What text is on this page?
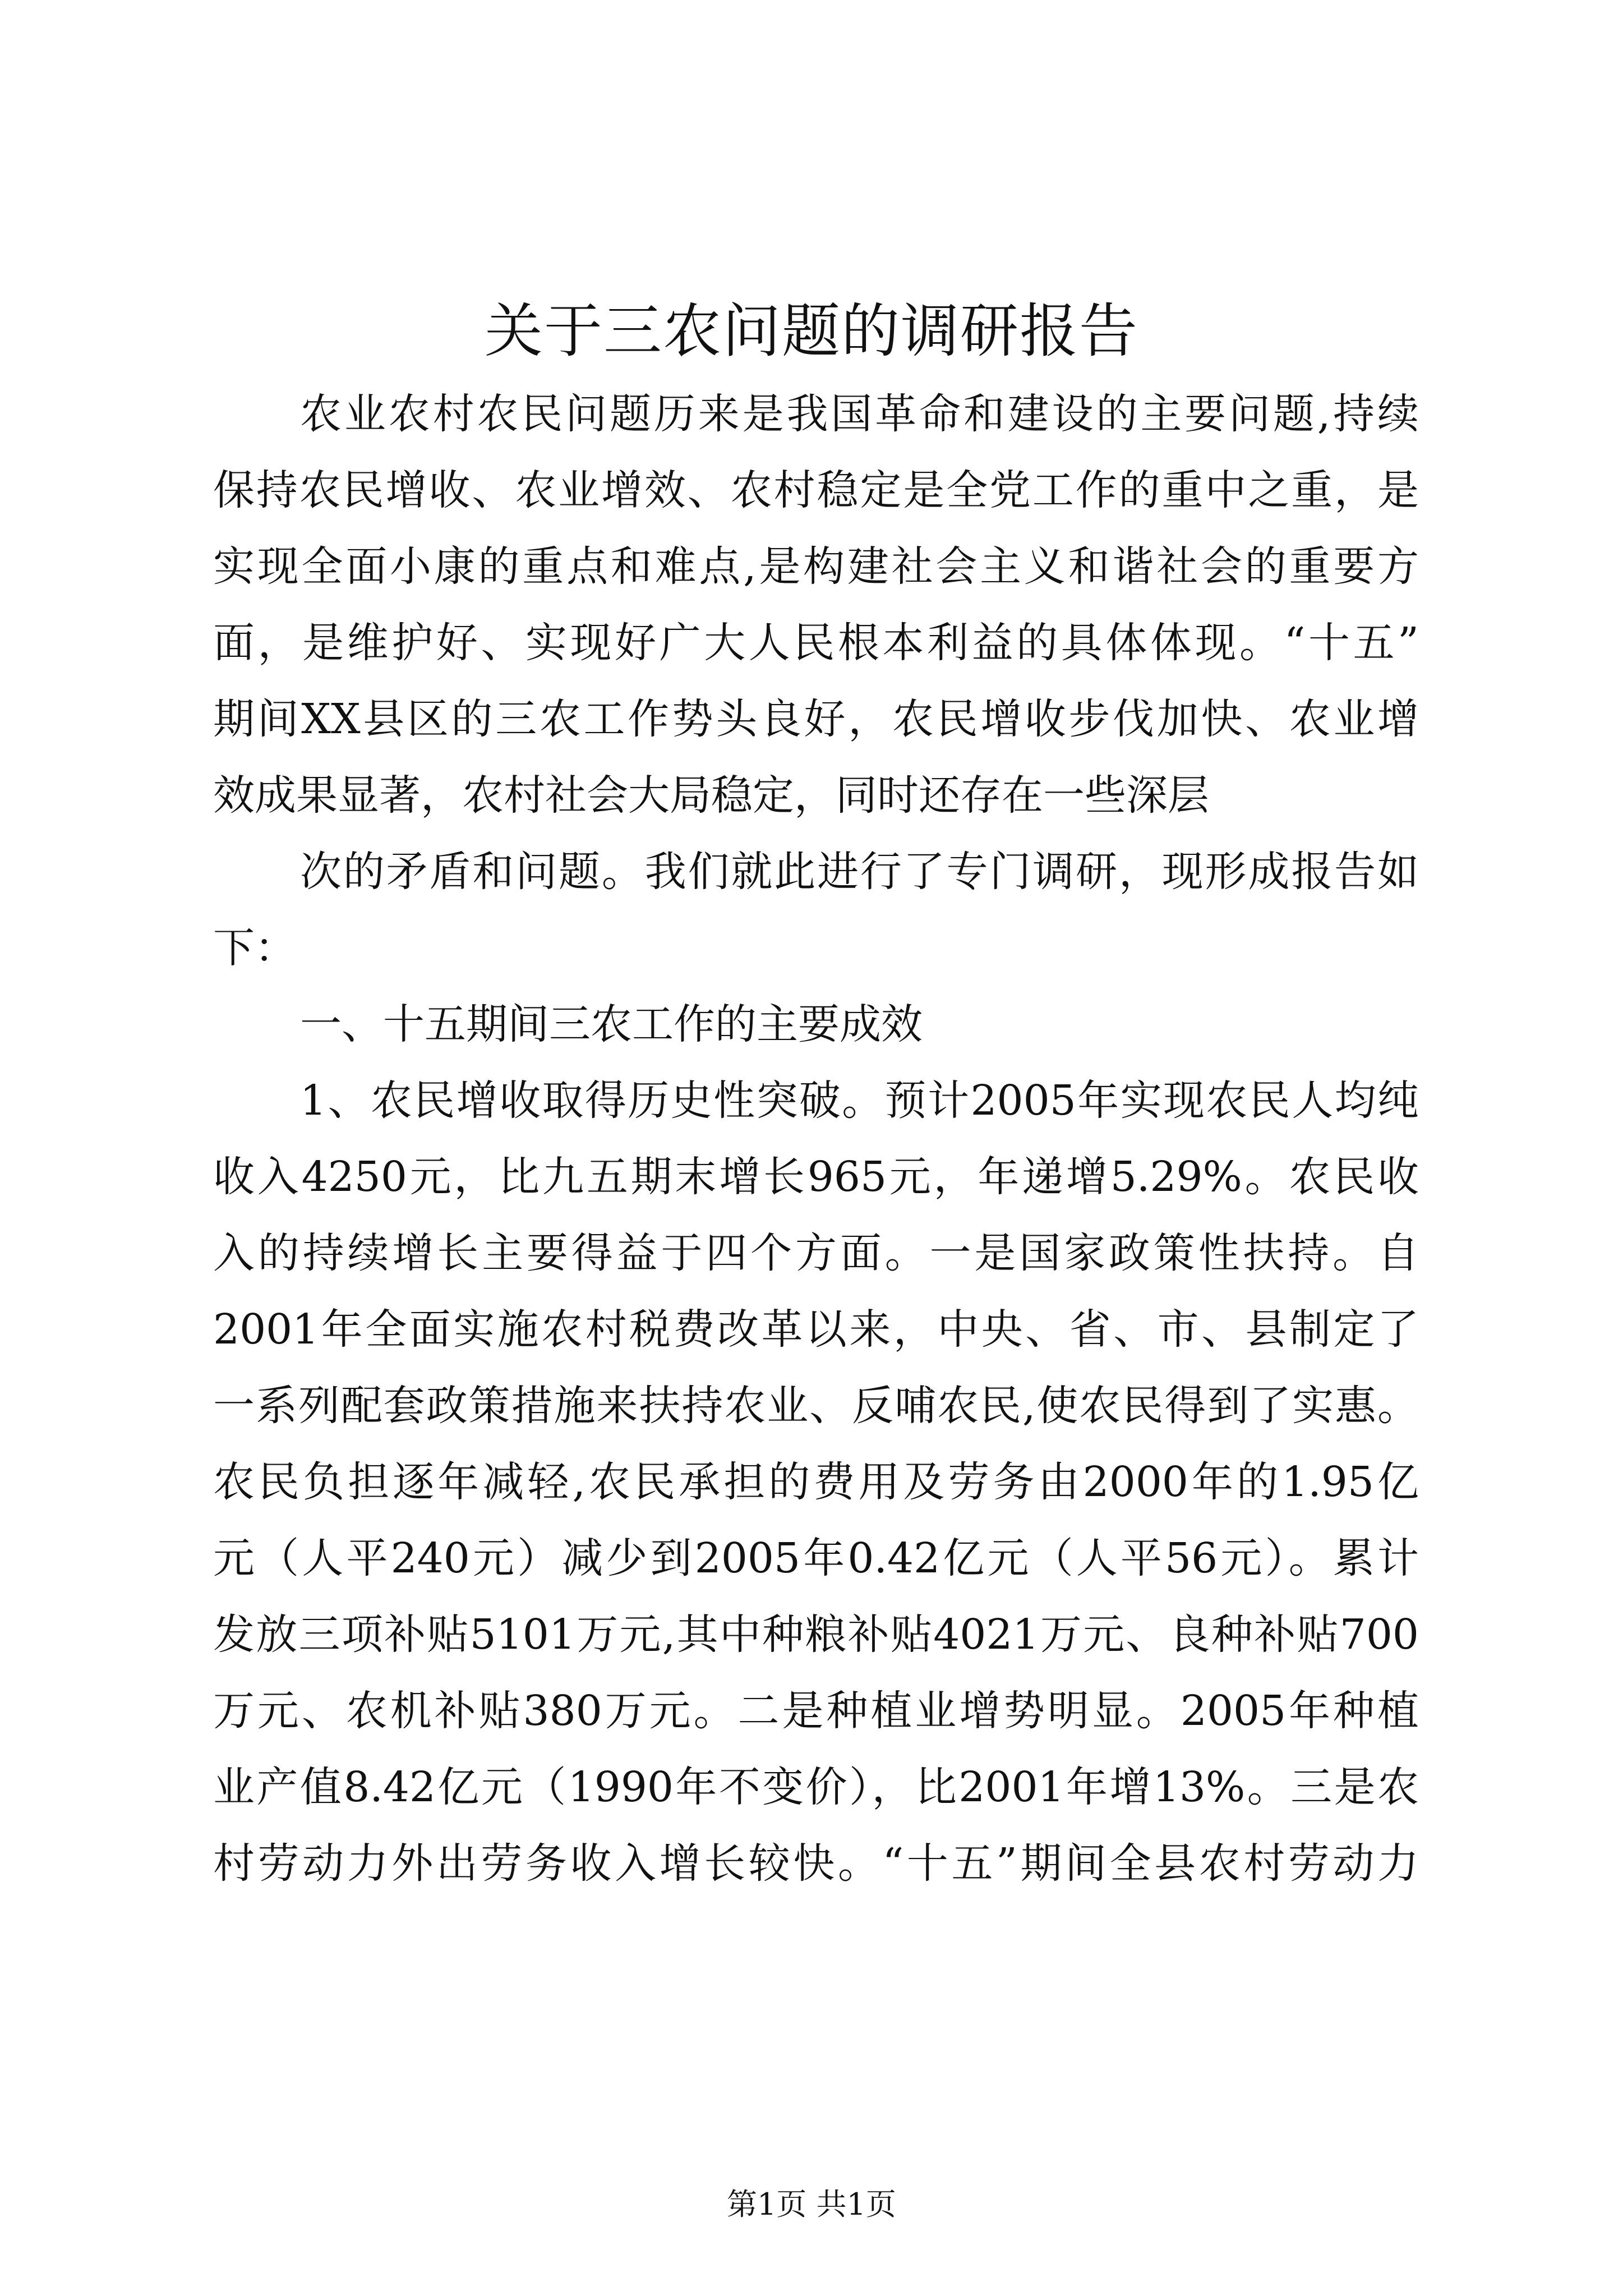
关于三农问题的调研报告
农业农村农民问题历来是我国革命和建设的主要问题,持续
保持农民增收、农业增效、农村稳定是全党工作的重中之重，是
实现全面小康的重点和难点,是构建社会主义和谐社会的重要方
面，是维护好、实现好广大人民根本利益的具体体现。“十五”
期间XX县区的三农工作势头良好，农民增收步伐加快、农业增
效成果显著，农村社会大局稳定，同时还存在一些深层
次的矛盾和问题。我们就此进行了专门调研，现形成报告如
下：
一、十五期间三农工作的主要成效
1、农民增收取得历史性突破。预计2005年实现农民人均纯
收入4250元，比九五期末增长965元，年递增5.29%。农民收
入的持续增长主要得益于四个方面。一是国家政策性扶持。自
2001年全面实施农村税费改革以来，中央、省、市、县制定了
一系列配套政策措施来扶持农业、反哺农民,使农民得到了实惠。
农民负担逐年减轻,农民承担的费用及劳务由2000年的1.95亿
元（人平240元）减少到2005年0.42亿元（人平56元）。累计
发放三项补贴5101万元,其中种粮补贴4021万元、良种补贴700
万元、农机补贴380万元。二是种植业增势明显。2005年种植
业产值8.42亿元（1990年不变价），比2001年增13%。三是农
村劳动力外出劳务收入增长较快。“十五”期间全县农村劳动力
第1页 共1页
